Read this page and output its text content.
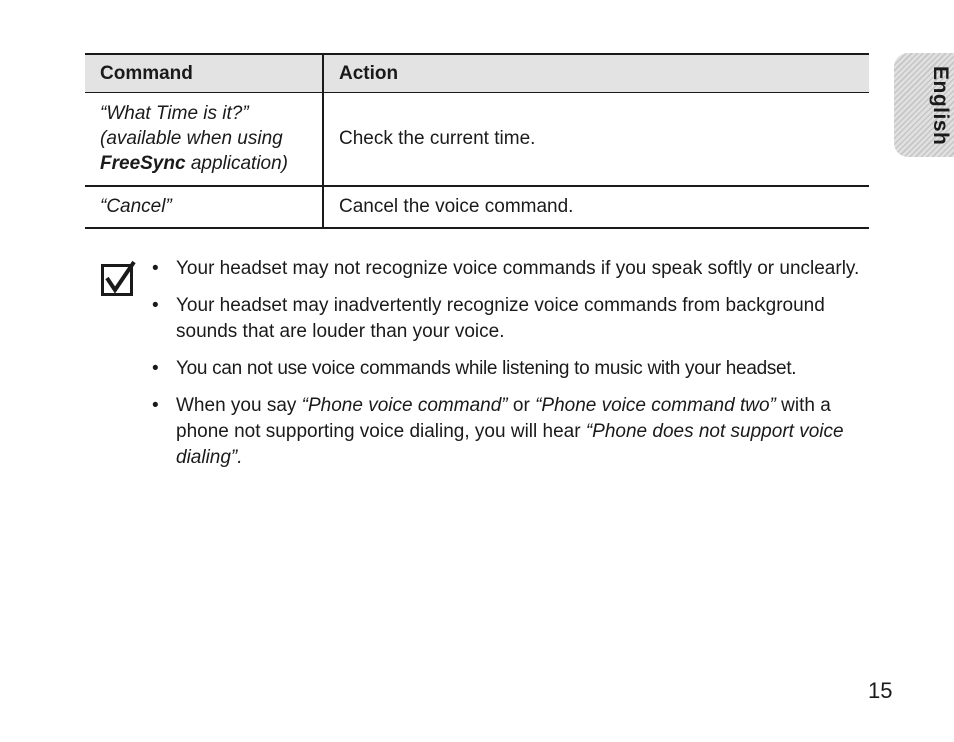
Command	Action
“What Time is it?”
(available when using
FreeSync application)	Check the current time.
“Cancel”	Cancel the voice command.
English
• Your headset may not recognize voice commands if you speak softly or unclearly.
• Your headset may inadvertently recognize voice commands from background sounds that are louder than your voice.
• You can not use voice commands while listening to music with your headset.
• When you say “Phone voice command” or “Phone voice command two” with a phone not supporting voice dialing, you will hear “Phone does not support voice dialing”.
15
